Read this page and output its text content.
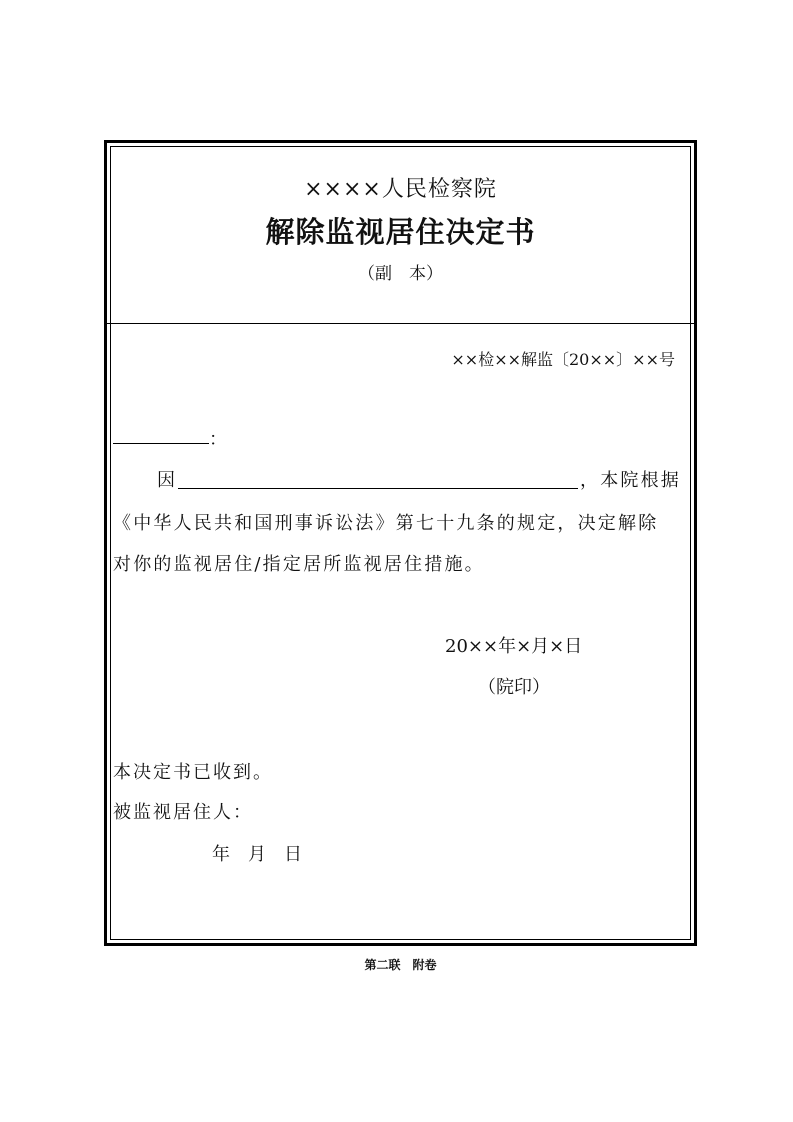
××××人民检察院
解除监视居住决定书
（副　本）
××检××解监〔20××〕××号
：
因	，本院根据
《中华人民共和国刑事诉讼法》第七十九条的规定，决定解除
对你的监视居住/指定居所监视居住措施。
20××年×月×日
（院印）
本决定书已收到。
被监视居住人：
年　月　日
第二联　附卷
